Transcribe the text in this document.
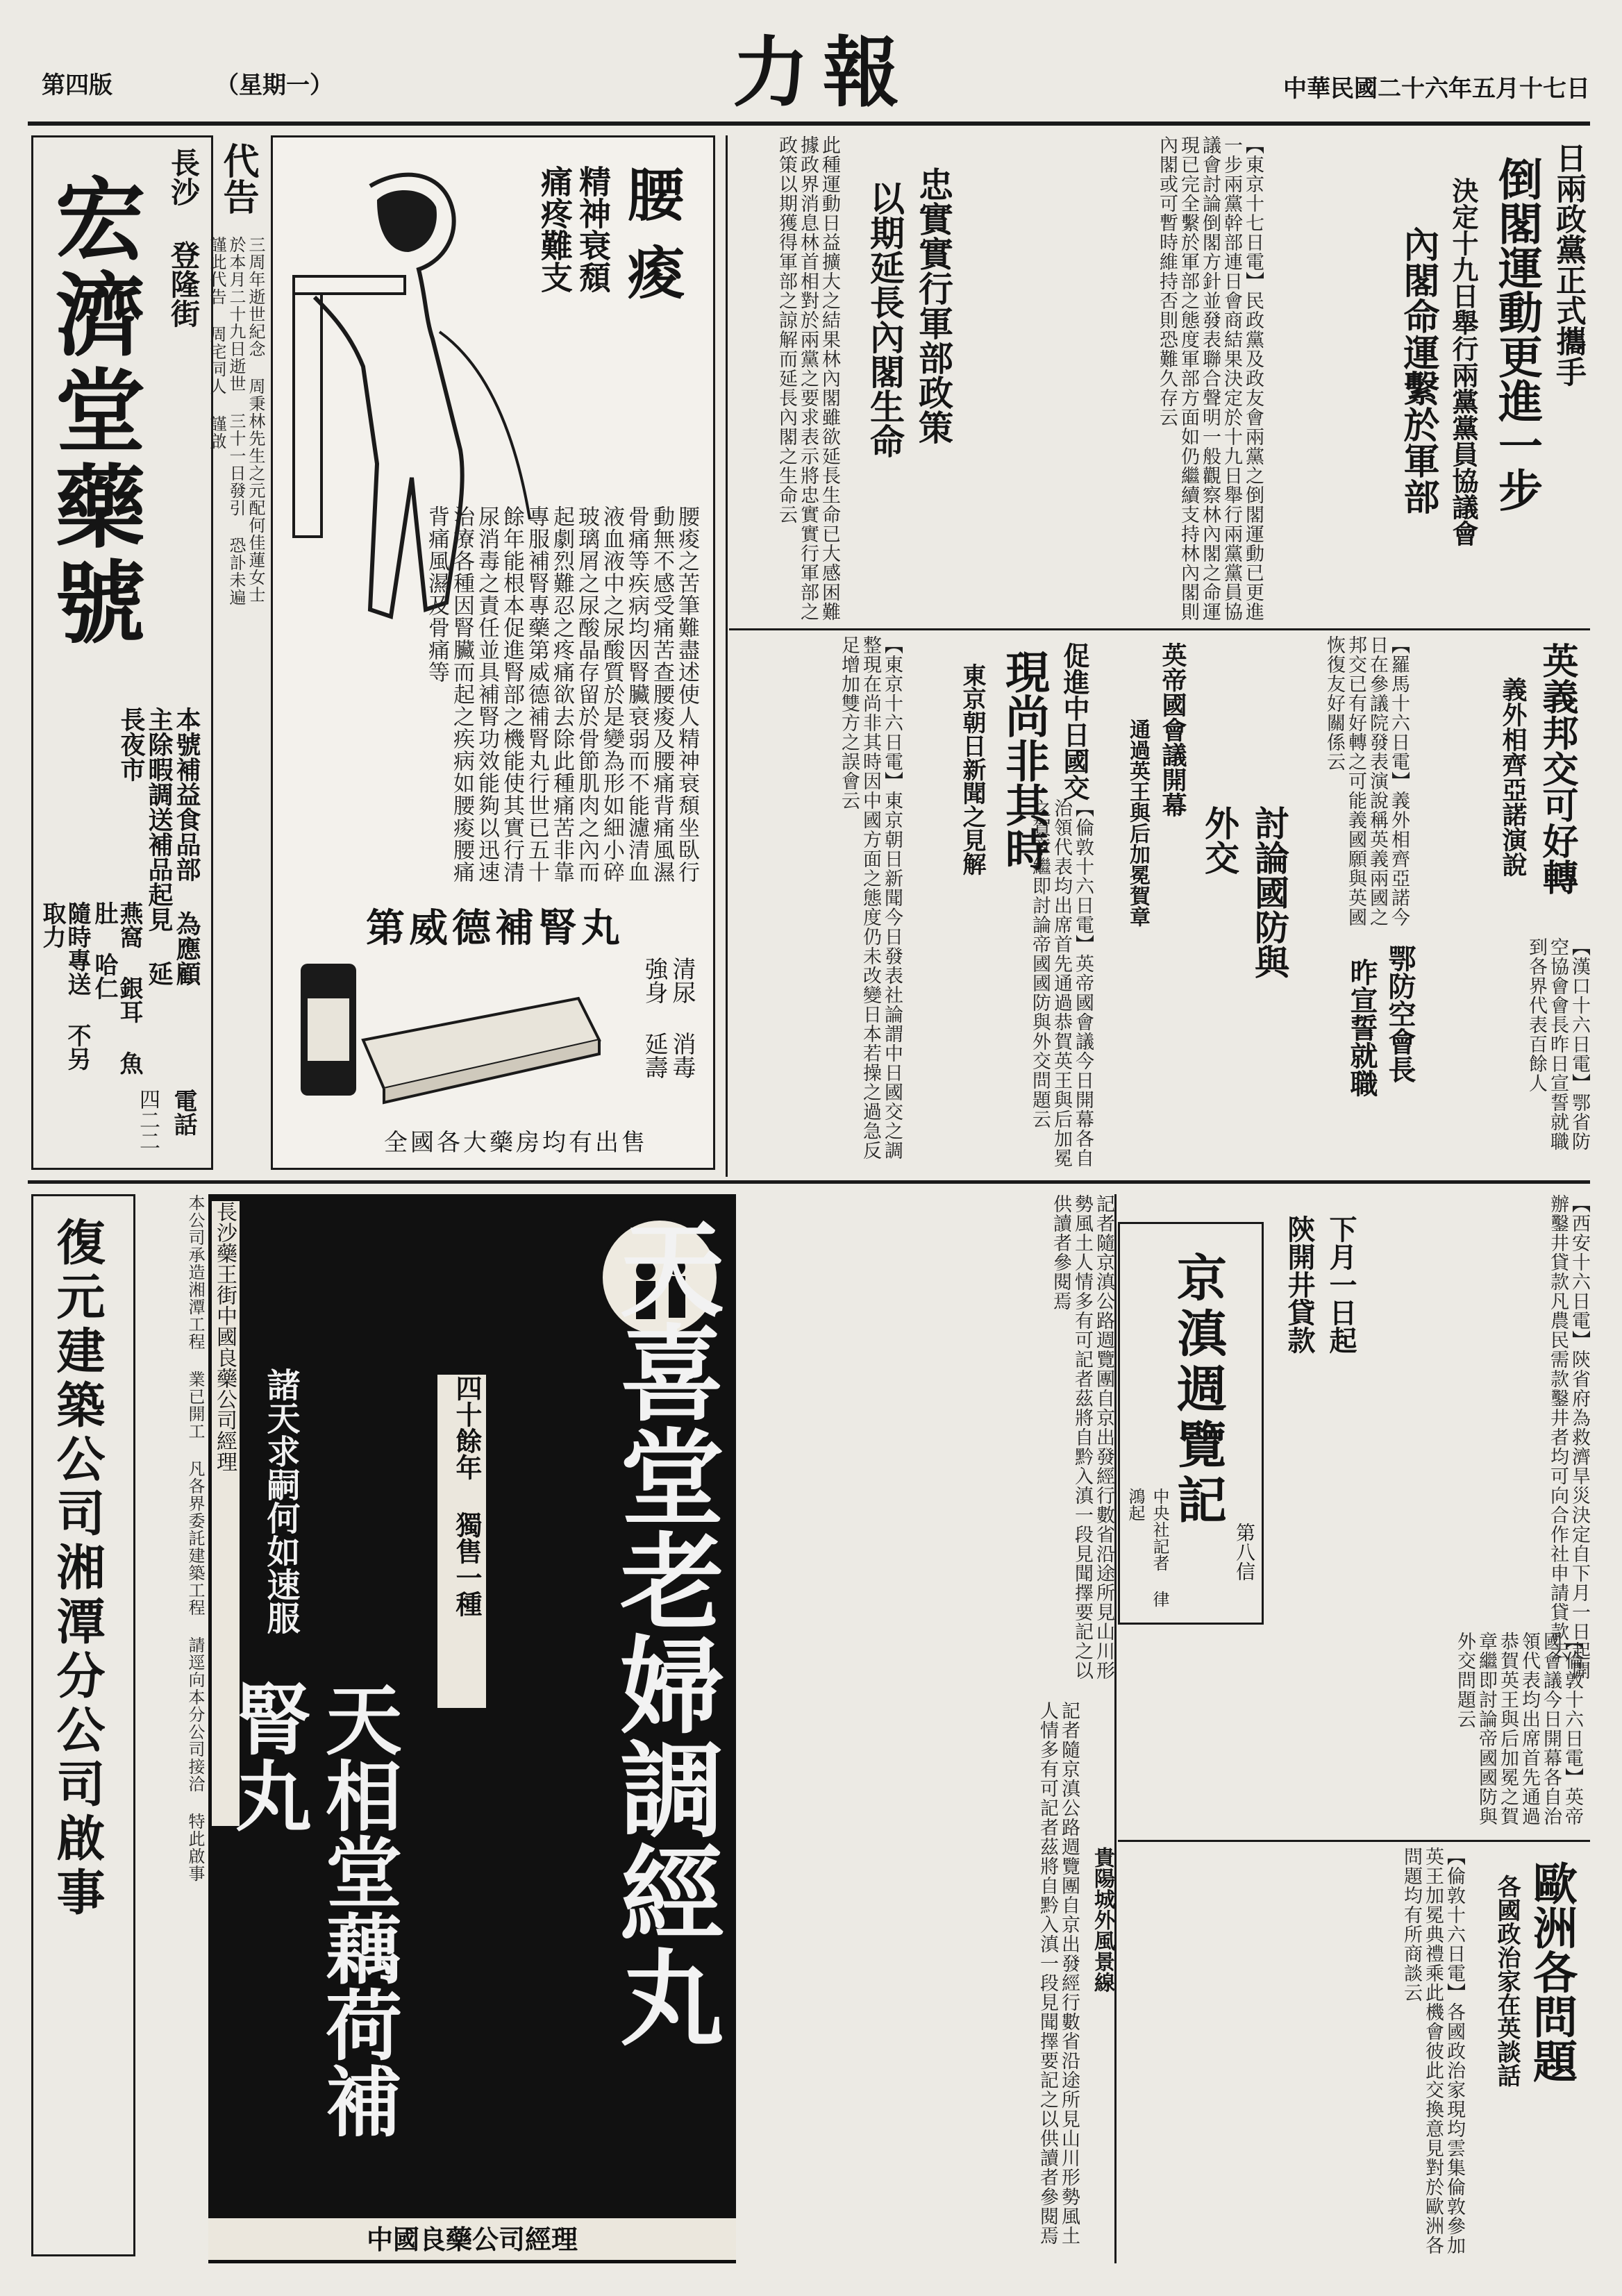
第四版	（星期一）	力報	中華民國二十六年五月十七日
長沙 登隆街
宏濟堂藥號
本號補益食品部 為應顧主除暇調送補品起見 延長夜市
燕窩 銀耳 魚肚 哈仁
隨時專送 不另取力
電話
四二二
代告
三周年逝世紀念 周秉林先生之元配何佳蓮女士 於本月二十九日逝世 三十一日發引 恐訃未遍 謹此代告 周宅同人 謹啟	腰痠
精神衰頹
痛疼難支
腰痠之苦筆難盡述使人精神衰頹坐臥行動無不感受痛苦查腰痠及腰痛背痛風濕骨痛等疾病均因腎臟衰弱而不能濾清血液血液中之尿酸質於是變為形如細小碎玻璃屑之尿酸晶存留於骨節肌肉之內而起劇烈難忍之疼痛欲去除此種痛苦非靠專服補腎專藥第威德補腎丸行世已五十餘年能根本促進腎部之機能使其實行清尿消毒之責任並具補腎功效能夠以迅速治療各種因腎臟而起之疾病如腰痠腰痛背痛風濕及骨痛等
第威德補腎丸
清尿 消毒 強身 延壽
全國各大藥房均有出售
日兩政黨正式攜手
倒閣運動更進一步
決定十九日舉行兩黨黨員協議會
內閣命運繫於軍部
【東京十七日電】民政黨及政友會兩黨之倒閣運動已更進一步兩黨幹部連日會商結果決定於十九日舉行兩黨黨員協議會討論倒閣方針並發表聯合聲明一般觀察林內閣之命運現已完全繫於軍部之態度軍部方面如仍繼續支持林內閣則內閣或可暫時維持否則恐難久存云
忠實實行軍部政策
以期延長內閣生命
此種運動日益擴大之結果林內閣雖欲延長生命已大感困難據政界消息林首相對於兩黨之要求表示將忠實實行軍部之政策以期獲得軍部之諒解而延長內閣之生命云
英義邦交可好轉
義外相齊亞諾演說
【羅馬十六日電】義外相齊亞諾今日在參議院發表演說稱英義兩國之邦交已有好轉之可能義國願與英國恢復友好關係云
英帝國會議開幕
通過英王與后加冕賀章	討論國防與外交
【倫敦十六日電】英帝國會議今日開幕各自治領代表均出席首先通過恭賀英王與后加冕之賀章繼即討論帝國國防與外交問題云	鄂防空會長
昨宣誓就職	【漢口十六日電】鄂省防空協會會長昨日宣誓就職到各界代表百餘人
促進中日國交
現尚非其時
東京朝日新聞之見解
【東京十六日電】東京朝日新聞今日發表社論謂中日國交之調整現在尚非其時因中國方面之態度仍未改變日本若操之過急反足增加雙方之誤會云
復元建築公司湘潭分公司啟事	本公司承造湘潭工程 業已開工 凡各界委託建築工程 請逕向本分公司接洽 特此啟事 長沙藥王街中國良藥公司經理
諸天求嗣何如速服	四十餘年 獨售一種 天喜堂老婦調經丸
天相堂藕荷補腎丸
中國良藥公司經理
京滇週覽記
第八信
中央社記者 律鴻起
記者隨京滇公路週覽團自京出發經行數省沿途所見山川形勢風土人情多有可記者茲將自黔入滇一段見聞擇要記之以供讀者參閱焉
貴陽城外風景線
記者隨京滇公路週覽團自京出發經行數省沿途所見山川形勢風土人情多有可記者茲將自黔入滇一段見聞擇要記之以供讀者參閱焉
下月一日起
陝開井貸款	【西安十六日電】陝省府為救濟旱災決定自下月一日起開辦鑿井貸款凡農民需款鑿井者均可向合作社申請貸款云
【倫敦十六日電】英帝國會議今日開幕各自治領代表均出席首先通過恭賀英王與后加冕之賀章繼即討論帝國國防與外交問題云
歐洲各問題
各國政治家在英談話
【倫敦十六日電】各國政治家現均雲集倫敦參加英王加冕典禮乘此機會彼此交換意見對於歐洲各問題均有所商談云
